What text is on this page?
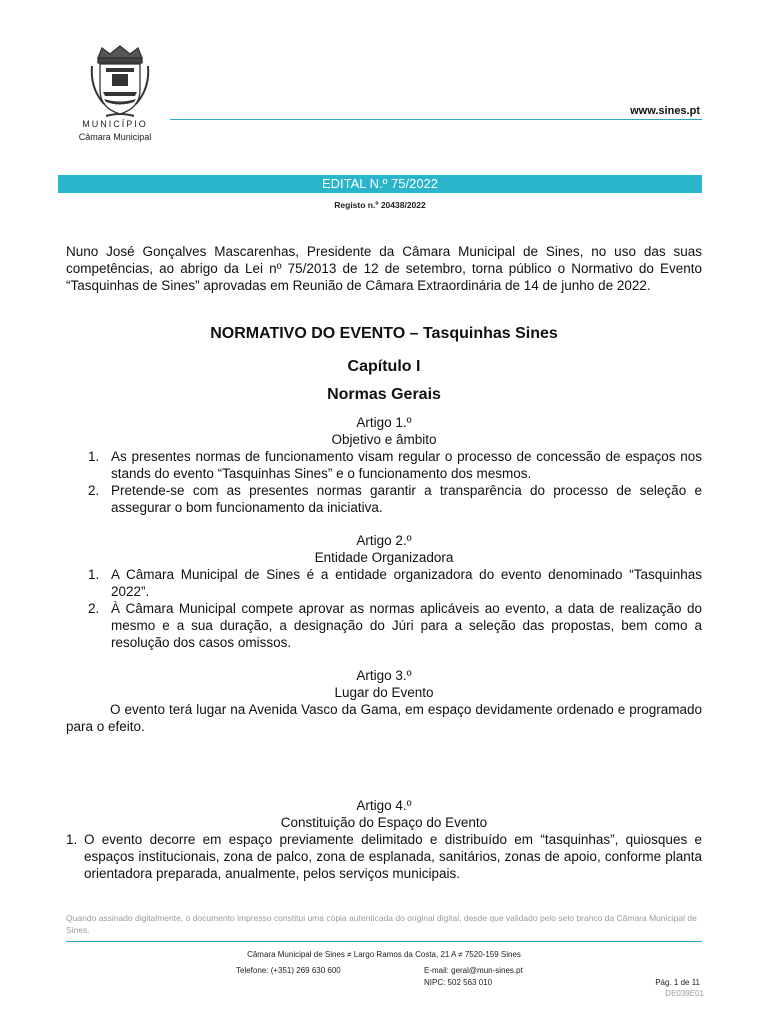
MUNICÍPIO
Câmara Municipal
www.sines.pt
EDITAL N.º 75/2022
Registo n.º 20438/2022

Nuno José Gonçalves Mascarenhas, Presidente da Câmara Municipal de Sines, no uso das suas competências, ao abrigo da Lei nº 75/2013 de 12 de setembro, torna público o Normativo do Evento “Tasquinhas de Sines” aprovadas em Reunião de Câmara Extraordinária de 14 de junho de 2022.

NORMATIVO DO EVENTO – Tasquinhas Sines
Capítulo I
Normas Gerais
Artigo 1.º
Objetivo e âmbito
1. As presentes normas de funcionamento visam regular o processo de concessão de espaços nos stands do evento “Tasquinhas Sines” e o funcionamento dos mesmos.
2. Pretende-se com as presentes normas garantir a transparência do processo de seleção e assegurar o bom funcionamento da iniciativa.
Artigo 2.º
Entidade Organizadora
1. A Câmara Municipal de Sines é a entidade organizadora do evento denominado “Tasquinhas 2022”.
2. À Câmara Municipal compete aprovar as normas aplicáveis ao evento, a data de realização do mesmo e a sua duração, a designação do Júri para a seleção das propostas, bem como a resolução dos casos omissos.
Artigo 3.º
Lugar do Evento

O evento terá lugar na Avenida Vasco da Gama, em espaço devidamente ordenado e programado para o efeito.

Artigo 4.º
Constituição do Espaço do Evento
1. O evento decorre em espaço previamente delimitado e distribuído em “tasquinhas”, quiosques e espaços institucionais, zona de palco, zona de esplanada, sanitários, zonas de apoio, conforme planta orientadora preparada, anualmente, pelos serviços municipais.
Quando assinado digitalmente, o documento impresso constitui uma cópia autenticada do original digital, desde que validado pelo selo branco da Câmara Municipal de Sines.
Câmara Municipal de Sines ≠ Largo Ramos da Costa, 21 A ≠ 7520-159 Sines
Telefone: (+351) 269 630 600	E-mail: geral@mun-sines.pt
NIPC: 502 563 010	Pág. 1 de 11
DE039E01
